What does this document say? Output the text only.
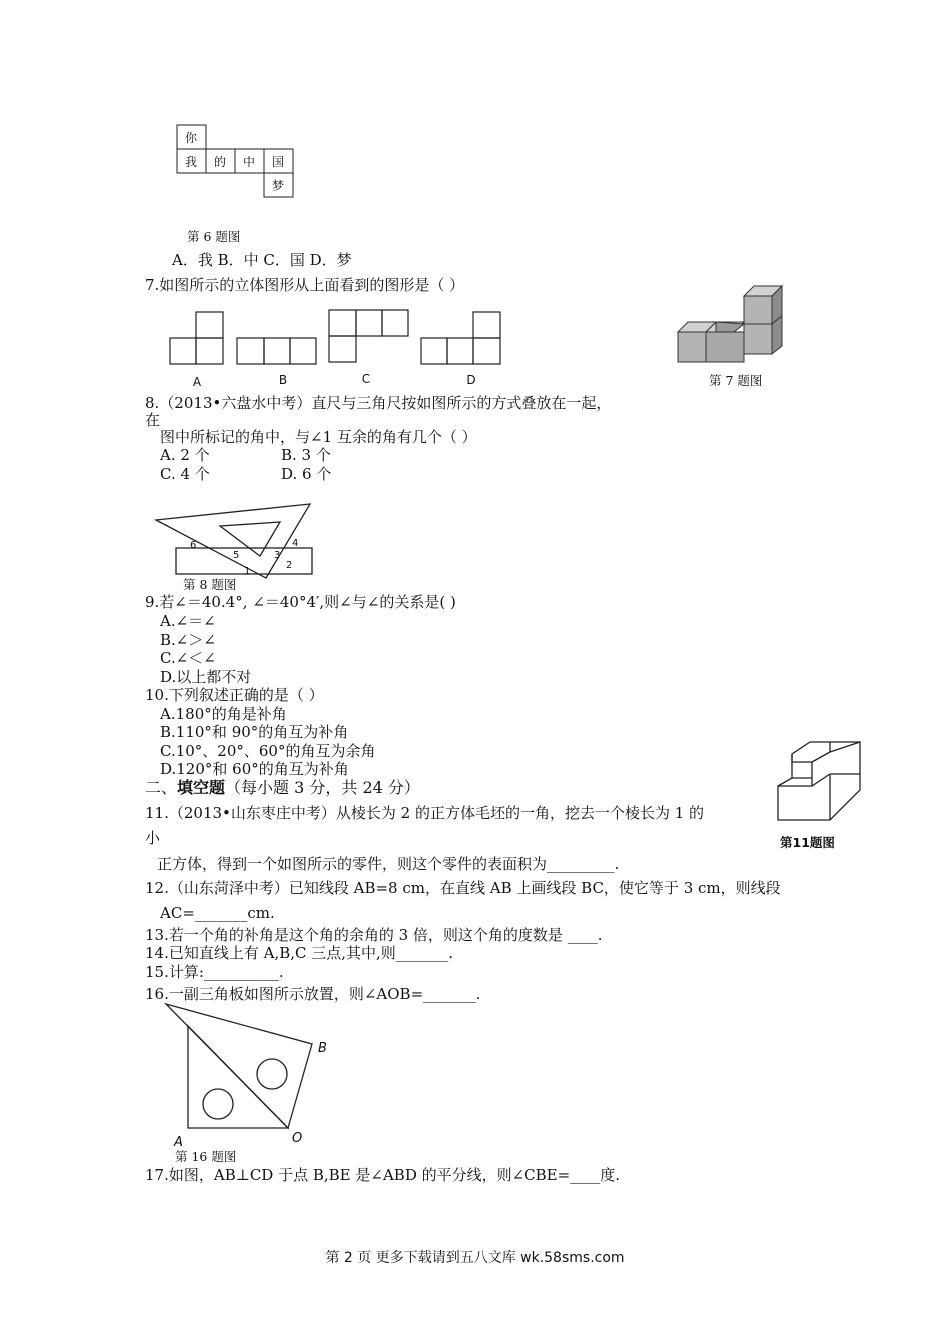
你
我 的 中 国
梦
第 6 题图
A．我 B．中 C．国 D．梦
7.如图所示的立体图形从上面看到的图形是（ ）
A	B	C	D	第 7 题图
8.（2013•六盘水中考）直尺与三角尺按如图所示的方式叠放在一起，
在
图中所标记的角中，与∠1 互余的角有几个（ ）
A. 2 个	B. 3 个
C. 4 个	D. 6 个
6
5
1
2
3
4
第 8 题图
9.若∠＝40.4°, ∠＝40°4′,则∠与∠的关系是( )
A.∠＝∠
B.∠＞∠
C.∠＜∠
D.以上都不对
10.下列叙述正确的是（ ）
A.180°的角是补角
B.110°和 90°的角互为补角
C.10°、20°、60°的角互为余角
D.120°和 60°的角互为补角
二、填空题（每小题 3 分，共 24 分）
第11题图
11.（2013•山东枣庄中考）从棱长为 2 的正方体毛坯的一角，挖去一个棱长为 1 的
小
正方体，得到一个如图所示的零件，则这个零件的表面积为_________.
12.（山东菏泽中考）已知线段 AB=8 cm，在直线 AB 上画线段 BC，使它等于 3 cm，则线段
AC=_______cm.
13.若一个角的补角是这个角的余角的 3 倍，则这个角的度数是 ____.
14.已知直线上有 A,B,C 三点,其中,则_______.
15.计算:__________.
16.一副三角板如图所示放置，则∠AOB=_______.
A
B
O
第 16 题图
17.如图，AB⊥CD 于点 B,BE 是∠ABD 的平分线，则∠CBE=____度.
第 2 页 更多下载请到五八文库 wk.58sms.com
